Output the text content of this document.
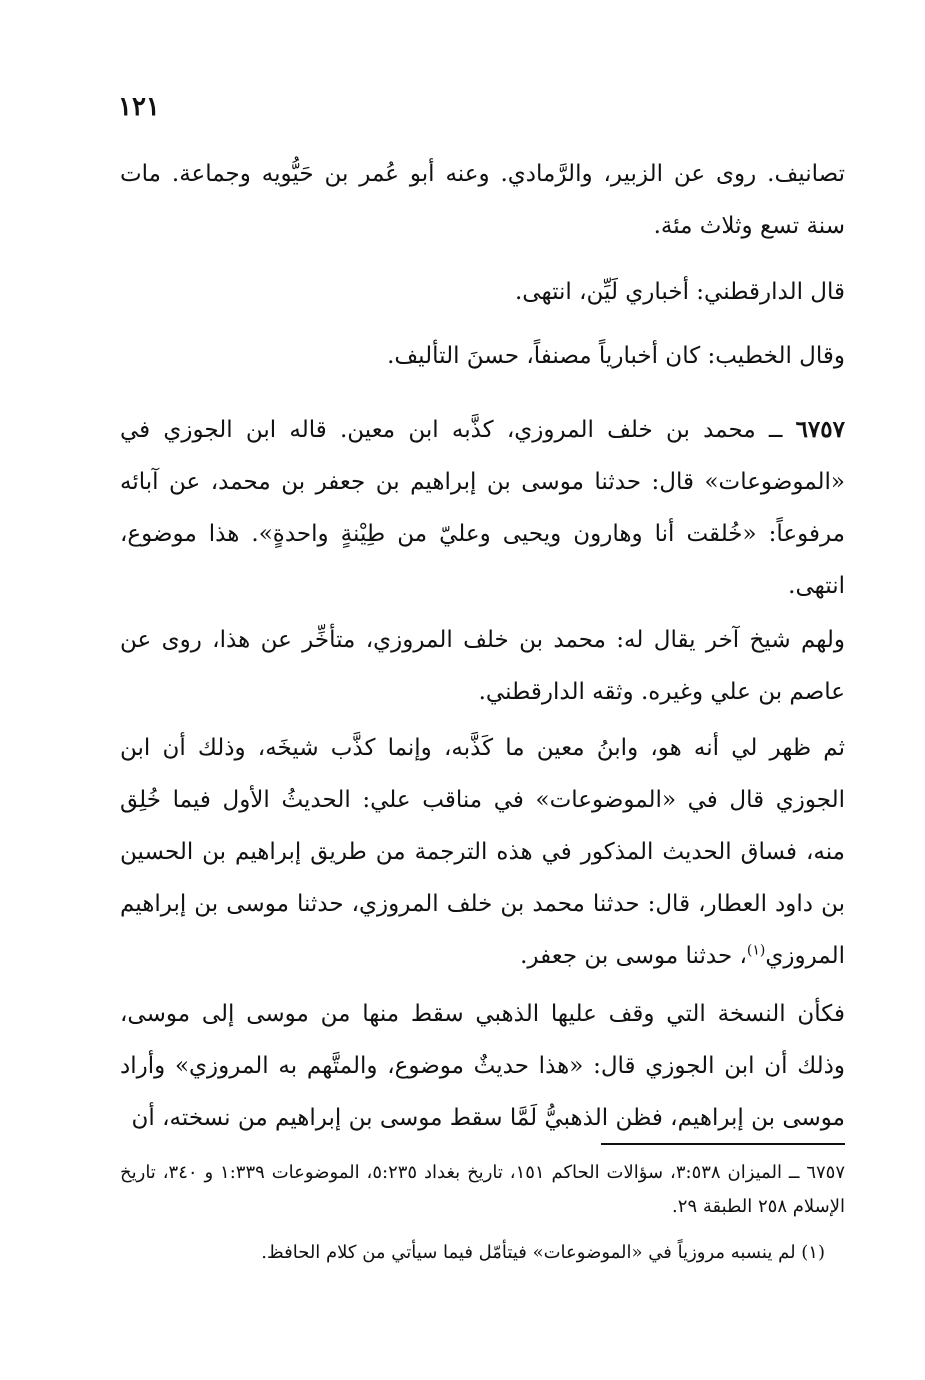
١٢١

تصانيف. روى عن الزبير، والرَّمادي. وعنه أبو عُمر بن حَيُّويه وجماعة. مات سنة تسع وثلاث مئة.

قال الدارقطني: أخباري لَيِّن، انتهى.

وقال الخطيب: كان أخبارياً مصنفاً، حسنَ التأليف.

٦٧٥٧ ــ محمد بن خلف المروزي، كذَّبه ابن معين. قاله ابن الجوزي في «الموضوعات» قال: حدثنا موسى بن إبراهيم بن جعفر بن محمد، عن آبائه مرفوعاً: «خُلقت أنا وهارون ويحيى وعليّ من طِيْنةٍ واحدةٍ». هذا موضوع، انتهى.

ولهم شيخ آخر يقال له: محمد بن خلف المروزي، متأخِّر عن هذا، روى عن عاصم بن علي وغيره. وثقه الدارقطني.

ثم ظهر لي أنه هو، وابنُ معين ما كَذَّبه، وإنما كذَّب شيخَه، وذلك أن ابن الجوزي قال في «الموضوعات» في مناقب علي: الحديثُ الأول فيما خُلِق منه، فساق الحديث المذكور في هذه الترجمة من طريق إبراهيم بن الحسين بن داود العطار، قال: حدثنا محمد بن خلف المروزي، حدثنا موسى بن إبراهيم المروزي$^{(١)}$، حدثنا موسى بن جعفر.

فكأن النسخة التي وقف عليها الذهبي سقط منها من موسى إلى موسى، وذلك أن ابن الجوزي قال: «هذا حديثٌ موضوع، والمتَّهم به المروزي» وأراد موسى بن إبراهيم، فظن الذهبيُّ لَمَّا سقط موسى بن إبراهيم من نسخته، أن

٦٧٥٧ ــ الميزان ٣:٥٣٨، سؤالات الحاكم ١٥١، تاريخ بغداد ٥:٢٣٥، الموضوعات ١:٣٣٩ و ٣٤٠، تاريخ الإسلام ٢٥٨ الطبقة ٢٩.

(١) لم ينسبه مروزياً في «الموضوعات» فيتأمّل فيما سيأتي من كلام الحافظ.
